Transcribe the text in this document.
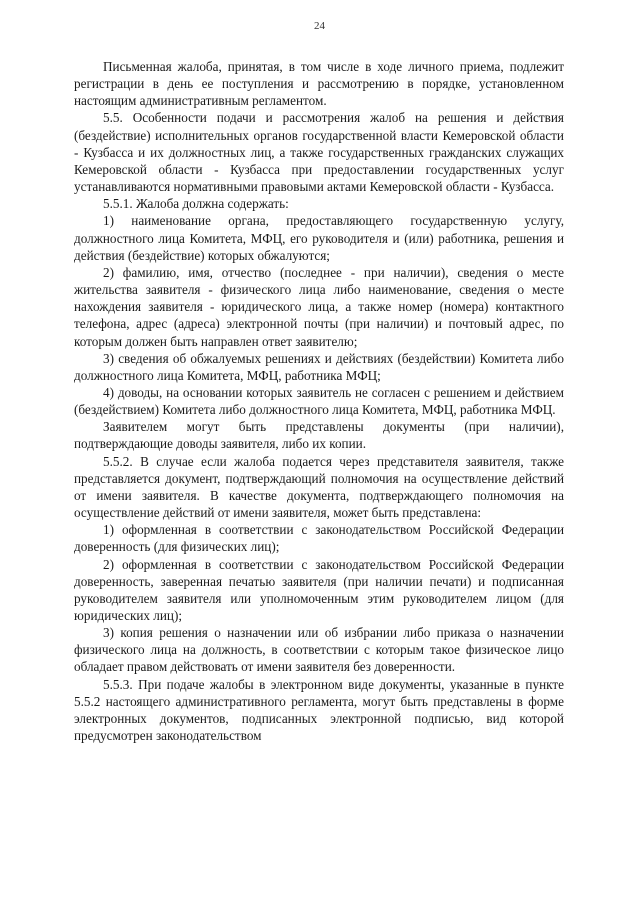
24

Письменная жалоба, принятая, в том числе в ходе личного приема, подлежит регистрации в день ее поступления и рассмотрению в порядке, установленном настоящим административным регламентом.

5.5. Особенности подачи и рассмотрения жалоб на решения и действия (бездействие) исполнительных органов государственной власти Кемеровской области - Кузбасса и их должностных лиц, а также государственных гражданских служащих Кемеровской области - Кузбасса при предоставлении государственных услуг устанавливаются нормативными правовыми актами Кемеровской области - Кузбасса.

5.5.1. Жалоба должна содержать:

1) наименование органа, предоставляющего государственную услугу, должностного лица Комитета, МФЦ, его руководителя и (или) работника, решения и действия (бездействие) которых обжалуются;

2) фамилию, имя, отчество (последнее - при наличии), сведения о месте жительства заявителя - физического лица либо наименование, сведения о месте нахождения заявителя - юридического лица, а также номер (номера) контактного телефона, адрес (адреса) электронной почты (при наличии) и почтовый адрес, по которым должен быть направлен ответ заявителю;

3) сведения об обжалуемых решениях и действиях (бездействии) Комитета либо должностного лица Комитета, МФЦ, работника МФЦ;

4) доводы, на основании которых заявитель не согласен с решением и действием (бездействием) Комитета либо должностного лица Комитета, МФЦ, работника МФЦ.

Заявителем могут быть представлены документы (при наличии), подтверждающие доводы заявителя, либо их копии.

5.5.2. В случае если жалоба подается через представителя заявителя, также представляется документ, подтверждающий полномочия на осуществление действий от имени заявителя. В качестве документа, подтверждающего полномочия на осуществление действий от имени заявителя, может быть представлена:

1) оформленная в соответствии с законодательством Российской Федерации доверенность (для физических лиц);

2) оформленная в соответствии с законодательством Российской Федерации доверенность, заверенная печатью заявителя (при наличии печати) и подписанная руководителем заявителя или уполномоченным этим руководителем лицом (для юридических лиц);

3) копия решения о назначении или об избрании либо приказа о назначении физического лица на должность, в соответствии с которым такое физическое лицо обладает правом действовать от имени заявителя без доверенности.

5.5.3. При подаче жалобы в электронном виде документы, указанные в пункте 5.5.2 настоящего административного регламента, могут быть представлены в форме электронных документов, подписанных электронной подписью, вид которой предусмотрен законодательством
